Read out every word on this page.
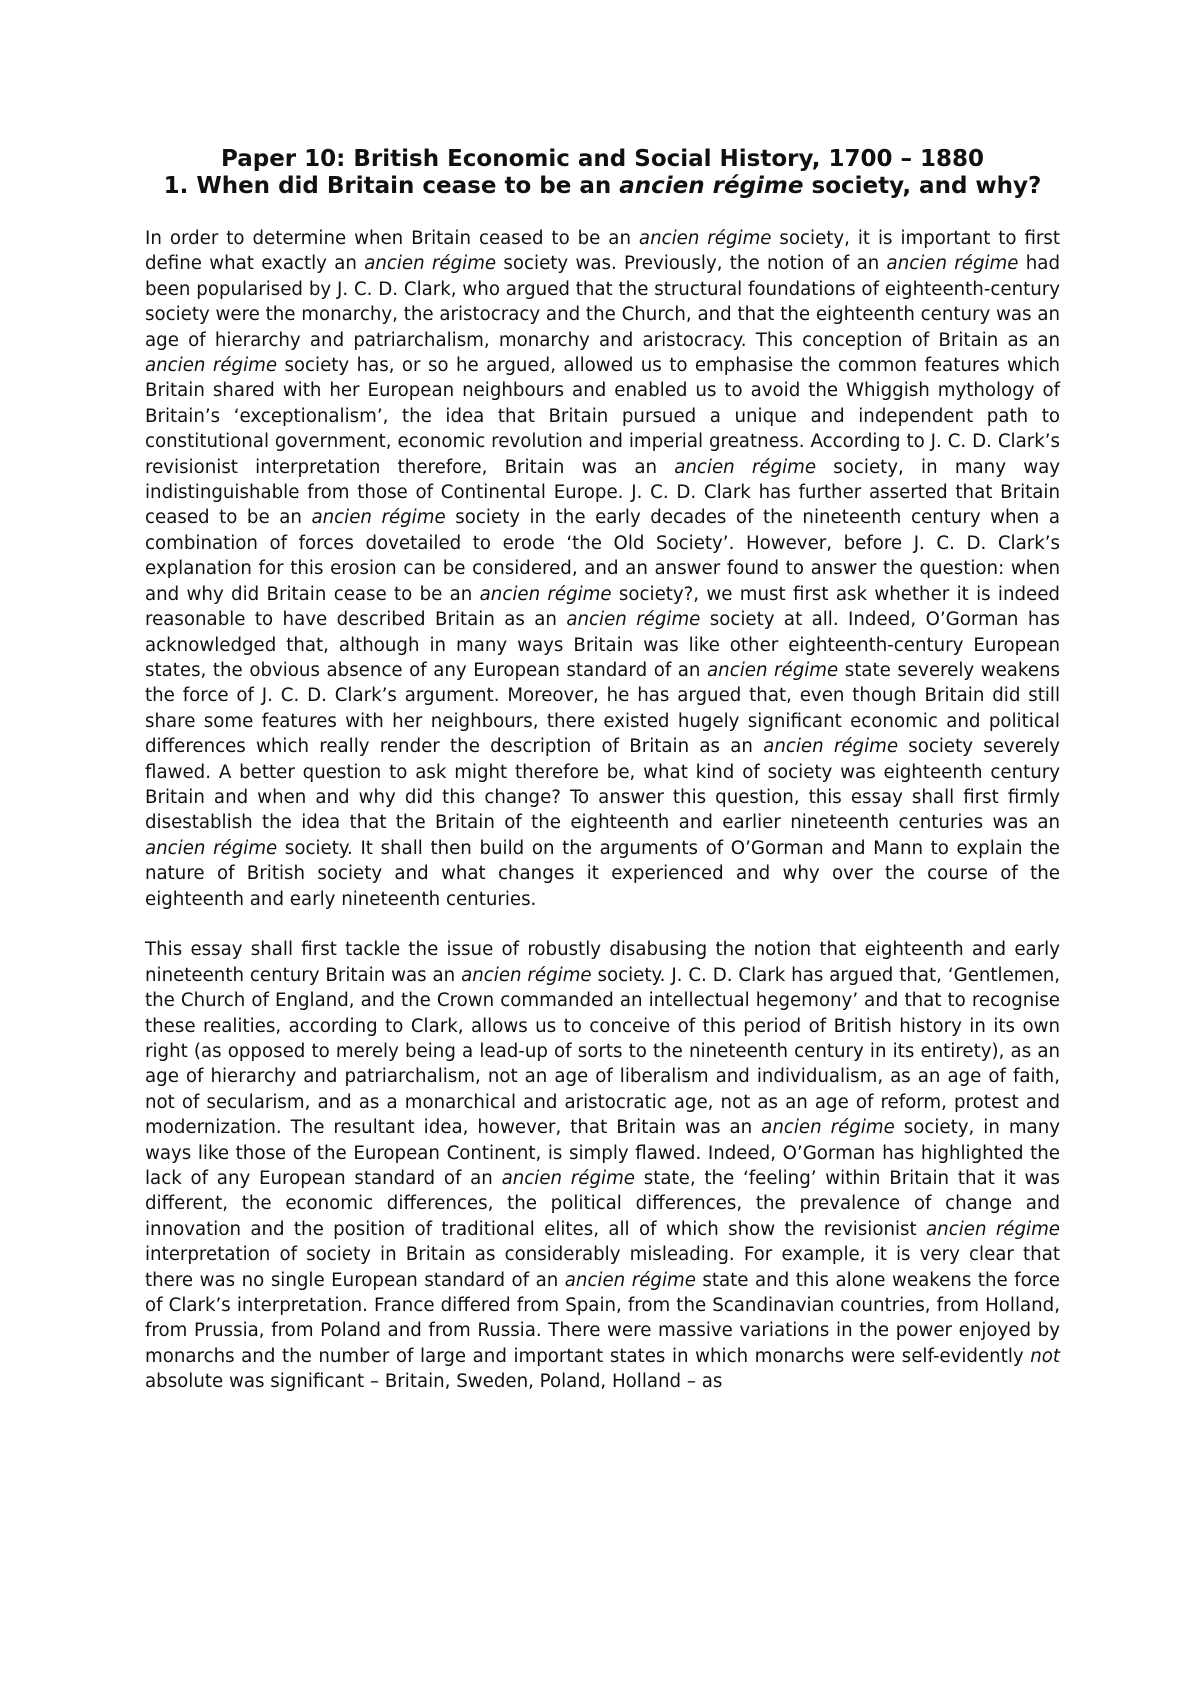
Paper 10: British Economic and Social History, 1700 – 1880
1. When did Britain cease to be an ancien régime society, and why?

In order to determine when Britain ceased to be an ancien régime society, it is important to first define what exactly an ancien régime society was. Previously, the notion of an ancien régime had been popularised by J. C. D. Clark, who argued that the structural foundations of eighteenth-century society were the monarchy, the aristocracy and the Church, and that the eighteenth century was an age of hierarchy and patriarchalism, monarchy and aristocracy. This conception of Britain as an ancien régime society has, or so he argued, allowed us to emphasise the common features which Britain shared with her European neighbours and enabled us to avoid the Whiggish mythology of Britain’s ‘exceptionalism’, the idea that Britain pursued a unique and independent path to constitutional government, economic revolution and imperial greatness. According to J. C. D. Clark’s revisionist interpretation therefore, Britain was an ancien régime society, in many way indistinguishable from those of Continental Europe. J. C. D. Clark has further asserted that Britain ceased to be an ancien régime society in the early decades of the nineteenth century when a combination of forces dovetailed to erode ‘the Old Society’. However, before J. C. D. Clark’s explanation for this erosion can be considered, and an answer found to answer the question: when and why did Britain cease to be an ancien régime society?, we must first ask whether it is indeed reasonable to have described Britain as an ancien régime society at all. Indeed, O’Gorman has acknowledged that, although in many ways Britain was like other eighteenth-century European states, the obvious absence of any European standard of an ancien régime state severely weakens the force of J. C. D. Clark’s argument. Moreover, he has argued that, even though Britain did still share some features with her neighbours, there existed hugely significant economic and political differences which really render the description of Britain as an ancien régime society severely flawed. A better question to ask might therefore be, what kind of society was eighteenth century Britain and when and why did this change? To answer this question, this essay shall first firmly disestablish the idea that the Britain of the eighteenth and earlier nineteenth centuries was an ancien régime society. It shall then build on the arguments of O’Gorman and Mann to explain the nature of British society and what changes it experienced and why over the course of the eighteenth and early nineteenth centuries.

This essay shall first tackle the issue of robustly disabusing the notion that eighteenth and early nineteenth century Britain was an ancien régime society. J. C. D. Clark has argued that, ‘Gentlemen, the Church of England, and the Crown commanded an intellectual hegemony’ and that to recognise these realities, according to Clark, allows us to conceive of this period of British history in its own right (as opposed to merely being a lead-up of sorts to the nineteenth century in its entirety), as an age of hierarchy and patriarchalism, not an age of liberalism and individualism, as an age of faith, not of secularism, and as a monarchical and aristocratic age, not as an age of reform, protest and modernization. The resultant idea, however, that Britain was an ancien régime society, in many ways like those of the European Continent, is simply flawed. Indeed, O’Gorman has highlighted the lack of any European standard of an ancien régime state, the ‘feeling’ within Britain that it was different, the economic differences, the political differences, the prevalence of change and innovation and the position of traditional elites, all of which show the revisionist ancien régime interpretation of society in Britain as considerably misleading. For example, it is very clear that there was no single European standard of an ancien régime state and this alone weakens the force of Clark’s interpretation. France differed from Spain, from the Scandinavian countries, from Holland, from Prussia, from Poland and from Russia. There were massive variations in the power enjoyed by monarchs and the number of large and important states in which monarchs were self-evidently not absolute was significant – Britain, Sweden, Poland, Holland – as
